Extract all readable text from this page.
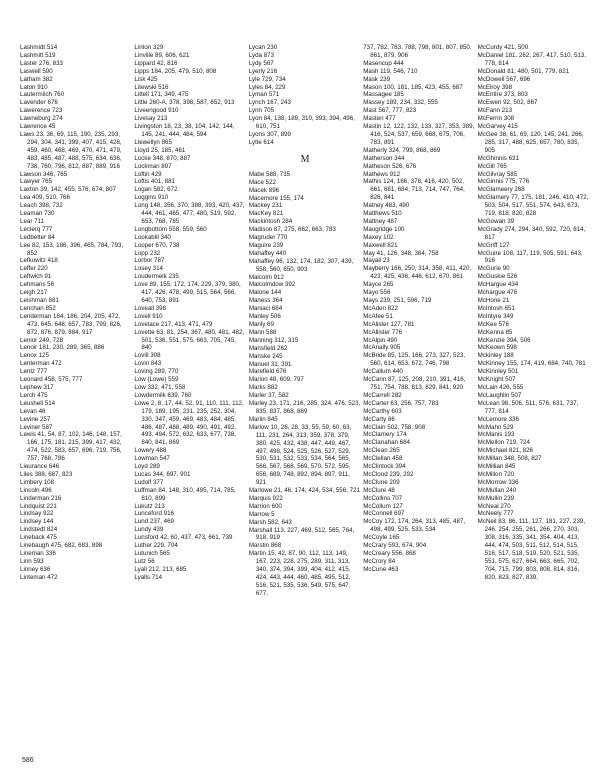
Lashmidt 514
Lashmitt 519
Laster 276, 833
Laswell 590
Latham 382
Laton 910
Lautermilch 760
Lavender 676
Lawerence 723
Lawneburg 274
Lawrence 45
Laws 23, 36, 69, 115, 190, 235, 293, 294, 304, 341, 399, 407, 415, 428, 459, 460, 468, 469, 470, 471, 479, 483, 485, 487, 488, 575, 634, 636, 738, 760, 796, 812, 887, 889, 916
Lawson 346, 765
Lawyer 765
Laxton 39, 142, 455, 576, 674, 807
Lea 409, 510, 766
Leach 398, 732
Leaman 730
Lear 711
Leclerq 777
Ledbetter 84
Lee 82, 153, 186, 396, 465, 784, 793, 852
Lefkowitz 418
Leffer 220
Leftwich 91
Lehmans 56
Leigh 217
Leishman 881
Lenchan 852
Lenderman 184, 186, 204, 205, 472, 473, 645, 648, 657, 783, 799, 826, 872, 876, 879, 884, 917
Lenior 249, 728
Lenoir 181, 230, 289, 365, 886
Lenox 125
Lenterman 472
Lentz 777
Leonard 458, 575, 777
Lephew 317
Lerch 475
Leushell 514
Levan 46
Levine 257
Leviner 587
Lewis 41, 54, 87, 102, 146, 148, 157, 166, 175, 181, 215, 399, 417, 432, 474, 522, 583, 657, 696, 719, 756, 757, 768, 786
Lieurance 646
Liles 388, 687, 823
Limbery 108
Lincoln 496
Linderman 216
Lindquist 221
Lindsay 922
Lindsey 144
Lindstedt 824
Lineback 475
Linebaugh 475, 682, 683, 898
Lineman 336
Linn 593
Linney 636
Linteman 472
Linton 329
Linville 89, 606, 621
Lippard 42, 816
Lipps 184, 205, 479, 510, 808
Lisk 425
Litewski 516
Littell 171, 349, 475
Little 260-A, 378, 398, 587, 652, 913
Liveengood 910
Livesay 213
Livingston 18, 23, 38, 104, 142, 144, 145, 241, 444, 484, 594
Llewellyn 865
Lloyd 25, 185, 461
Locke 348, 870, 887
Lockman 897
Loftin 429
Loftis 401, 881
Logan 582, 672
Loggins 910
Long 148, 356, 370, 388, 393, 420, 437, 444, 461, 465, 477, 480, 519, 592, 653, 768, 785
Longbottom 558, 559, 560
Lookabill 340
Looper 670, 738
Lopp 232
Lorbor 787
Losey 314
Loudermelk 235
Love 89, 155, 172, 174, 229, 379, 380, 417, 426, 478, 499, 515, 564, 566, 640, 753, 891
Loveall 398
Lovell 910
Lovelace 217, 413, 471, 479
Lovette 63, 81, 254, 367, 480, 481, 482, 501, 536, 551, 575, 663, 705, 745, 840
Lovill 308
Lovin 843
Loving 289, 770
Low (Lowe) 559
Low 332, 471, 558
Lowdermilk 639, 760
Lowe 2, 8, 17, 44, 52, 91, 110, 111, 112, 179, 189, 195, 231, 235, 252, 304, 330, 347, 459, 469, 483, 484, 485, 486, 487, 488, 489, 490, 491, 492, 493, 494, 572, 632, 633, 677, 738, 840, 841, 869
Lowery 488
Lowman 547
Loyd 289
Lucas 344, 697, 901
Ludolf 377
Luffman 84, 148, 310, 495, 714, 785, 810, 899
Lukutz 213
Lunceford 916
Lund 237, 469
Lundy 439
Lunsford 42, 60, 437, 473, 661, 739
Luther 229, 704
Lutunich 565
Lutz 56
Lyall 212, 213, 685
Lyalls 714
Lycan 230
Lyda 873
Lydy 567
Lyerly 216
Lyle 729, 734
Lyles 84, 229
Lyman 571
Lynch 167, 243
Lynn 705
Lyon 84, 138, 189, 310, 393, 394, 496, 610, 751
Lyons 307, 899
Lytle 614
M
Mabe 588, 735
Mace 522
Macek 896
Macemore 155, 174
Mackey 231
MacKey 821
Mackintosh 284
Madison 87, 275, 662, 663, 783
Magruder 770
Maguire 239
Mahaffey 440
Mahaffey 96, 132, 174, 182, 307, 439, 558, 560, 650, 903
Malcolm 912
Malcolmdow 392
Malone 144
Maness 364
Maniaci 684
Manley 506
Manly 69
Mann 588
Manning 312, 315
Mansfield 262
Manske 245
Manuel 31, 391
Marefield 676
Marion 48, 609, 797
Marks 882
Marler 37, 582
Marley 23, 171, 216, 285, 324, 476, 523, 835, 837, 868, 869
Marlin 845
Marlow 10, 26, 28, 33, 55, 59, 60, 63, 111, 231, 264, 313, 359, 378, 379, 380, 425, 432, 438, 447, 449, 467, 497, 498, 524, 525, 526, 527, 529, 530, 531, 532, 533, 534, 564, 565, 566, 567, 568, 569, 570, 572, 595, 656, 689, 748, 892, 894, 897, 911, 921
Marlowe 21, 46, 174, 424, 534, 556, 721
Marquis 922
Marrion 600
Marrow 5
Marsh 582, 643
Marshall 113, 227, 469, 512, 565, 764, 918, 919
Marstin 868
Martin 15, 42, 87, 90, 112, 113, 149, 167, 223, 228, 275, 289, 311, 313, 340, 374, 394, 399, 404, 412, 415, 424, 443, 444, 460, 485, 495, 512, 516, 521, 535, 536, 549, 575, 647, 677,
737, 782, 783, 788, 798, 801, 807, 850, 861, 879, 906
Masencup 444
Mash 119, 546, 710
Mask 239
Mason 100, 181, 185, 423, 455, 687
Massagee 185
Massey 189, 234, 332, 555
Mast 567, 777, 823
Masten 477
Mastin 12, 122, 132, 133, 327, 353, 389, 416, 524, 537, 659, 668, 675, 706, 783, 891
Matherly 324, 799, 868, 869
Matherson 344
Matheson 526, 676
Mathews 912
Mathis 124, 166, 378, 416, 420, 502, 661, 681, 684, 713, 714, 747, 764, 826, 841
Matney 483, 490
Matthews 510
Mattney 487
Maugridge 100
Maxey 102
Maxwell 821
May 41, 126, 348, 364, 758
Mayall 23
Mayberry 166, 250, 314, 358, 411, 420, 423, 425, 436, 446, 612, 670, 861
Mayce 265
Mayo 556
Mays 239, 251, 596, 719
McAden 822
McAfee 51
McAlister 127, 781
McAllister 776
McAlpin 490
McAnally 905
McBride 85, 125, 166, 273, 327, 523, 560, 614, 653, 672, 746, 798
McCallum 440
McCann 87, 125, 208, 210, 391, 416, 751, 754, 788, 813, 829, 841, 920
McCarrell 282
McCarter 63, 256, 757, 783
McCarthy 603
McCarty 86
McClain 502, 758, 908
McClamery 174
McClanahan 684
McClean 265
McClellan 458
McClintock 394
McCloud 239, 292
McClune 209
McClure 48
McCollins 707
McCollum 127
McConnell 697
McCoy 172, 174, 264, 313, 485, 487, 498, 499, 525, 533, 534
McCoyle 165
McCrary 593, 674, 904
McCreary 556, 868
McCrory 84
McCune 463
McCurdy 421, 500
McDaniel 181, 262, 267, 417, 510, 513, 778, 814
McDonald 81, 480, 501, 779, 821
McDowell 567, 696
McElroy 398
McEntire 373, 803
McEwen 92, 502, 867
McFann 213
McFerrin 308
McGarvey 415
McGee 38, 61, 69, 120, 145, 241, 266, 285, 317, 488, 625, 657, 780, 835, 905
McGhinnis 631
McGill 765
McGilvray 585
McGinnis 775, 776
McGlameery 268
McGlamery 77, 175, 181, 246, 410, 472, 503, 504, 517, 551, 574, 643, 673, 719, 818, 820, 828
McGowan 39
McGrady 274, 294, 340, 592, 720, 814, 817
McGriff 127
McGuire 108, 117, 119, 505, 591, 643, 916
McGurie 90
McGuskie 526
McHargue 434
Mchargue 476
McHone 21
McIntosh 651
McIntyre 349
McKee 576
McKenna 85
McKenzie 394, 506
McKeown 598
Mckinley 188
McKinney 155, 174, 419, 684, 740, 781
McKinnley 501
McKnight 507
McLain 426, 555
McLaughlin 507
McLean 98, 506, 511, 576, 631, 737, 777, 814
McLemore 336
McMahn 529
McManis 193
McMellon 719, 724
McMichael 821, 826
McMillan 348, 508, 827
McMillian 845
McMillon 720
McMorrow 336
McMullan 240
McMullin 239
McNeal 270
McNeely 777
McNeil 83, 86, 111, 127, 181, 227, 239, 246, 254, 255, 261, 266, 270, 303, 308, 316, 335, 341, 354, 404, 413, 444, 474, 503, 511, 512, 514, 515, 516, 517, 518, 519, 520, 521, 535, 551, 575, 627, 664, 663, 665, 702, 704, 715, 799, 803, 808, 814, 816, 820, 823, 827, 839,
586
